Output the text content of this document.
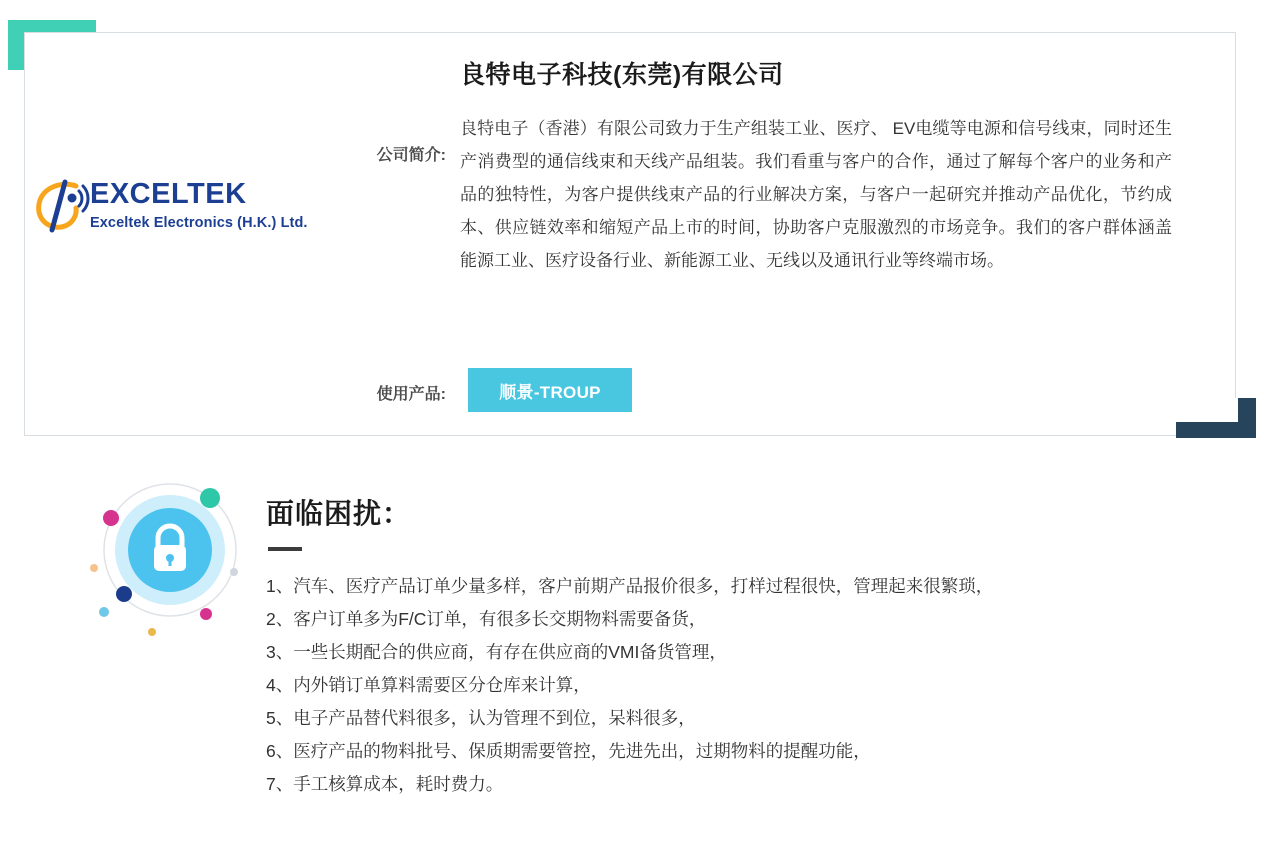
EXCELTEK
Exceltek Electronics (H.K.) Ltd.
良特电子科技(东莞)有限公司
公司简介:
良特电子（香港）有限公司致力于生产组装工业、医疗、 EV电缆等电源和信号线束，同时还生产消费型的通信线束和天线产品组装。我们看重与客户的合作，通过了解每个客户的业务和产品的独特性，为客户提供线束产品的行业解决方案，与客户一起研究并推动产品优化，节约成本、供应链效率和缩短产品上市的时间，协助客户克服激烈的市场竞争。我们的客户群体涵盖能源工业、医疗设备行业、新能源工业、无线以及通讯行业等终端市场。
使用产品:	顺景-TROUP
面临困扰：
1、汽车、医疗产品订单少量多样，客户前期产品报价很多，打样过程很快，管理起来很繁琐，
2、客户订单多为F/C订单，有很多长交期物料需要备货，
3、一些长期配合的供应商，有存在供应商的VMI备货管理，
4、内外销订单算料需要区分仓库来计算，
5、电子产品替代料很多，认为管理不到位，呆料很多，
6、医疗产品的物料批号、保质期需要管控，先进先出，过期物料的提醒功能，
7、手工核算成本，耗时费力。
